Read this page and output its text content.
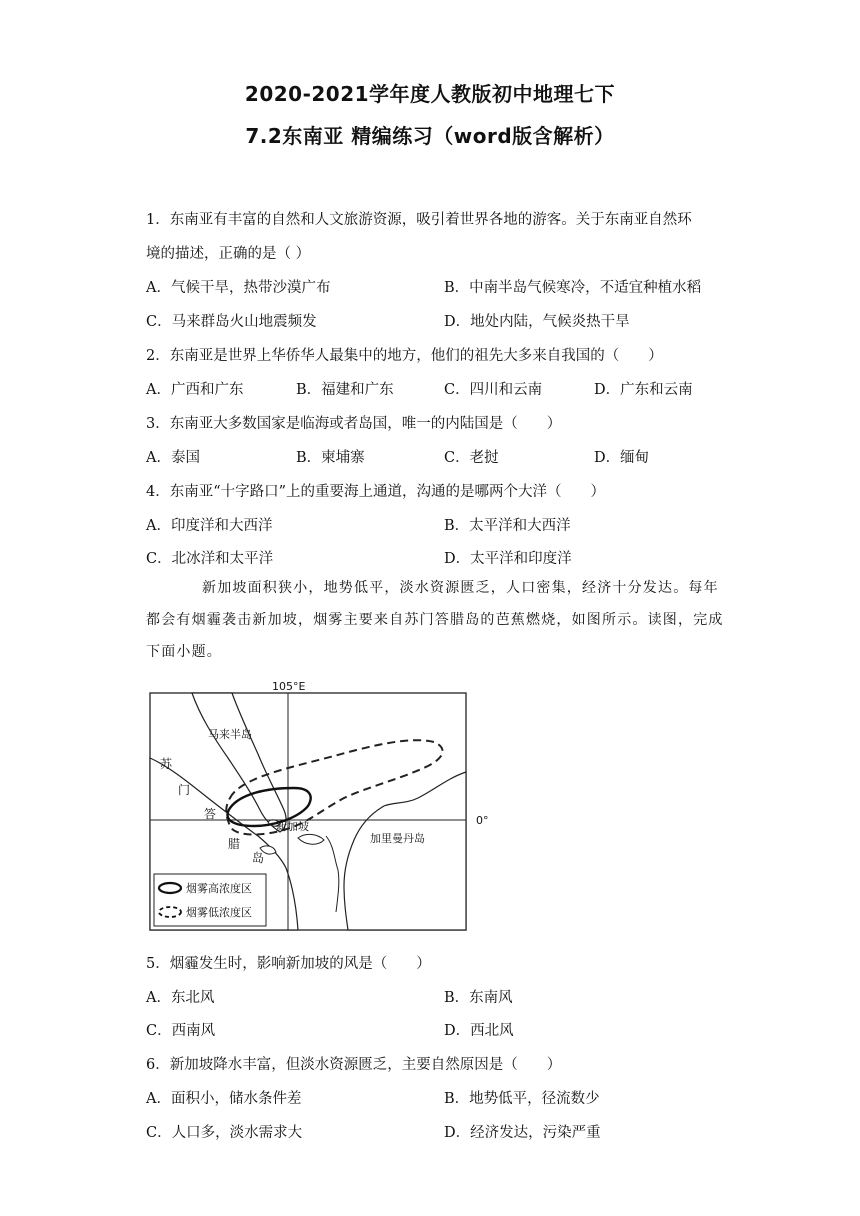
2020-2021学年度人教版初中地理七下
7.2东南亚 精编练习（word版含解析）
1．东南亚有丰富的自然和人文旅游资源，吸引着世界各地的游客。关于东南亚自然环
境的描述，正确的是（ ）
A．气候干旱，热带沙漠广布	B．中南半岛气候寒冷，不适宜种植水稻
C．马来群岛火山地震频发	D．地处内陆，气候炎热干旱
2．东南亚是世界上华侨华人最集中的地方，他们的祖先大多来自我国的（　　）
A．广西和广东	B．福建和广东	C．四川和云南	D．广东和云南
3．东南亚大多数国家是临海或者岛国，唯一的内陆国是（　　）
A．泰国	B．柬埔寨	C．老挝	D．缅甸
4．东南亚“十字路口”上的重要海上通道，沟通的是哪两个大洋（　　）
A．印度洋和大西洋	B．太平洋和大西洋
C．北冰洋和太平洋	D．太平洋和印度洋
新加坡面积狭小，地势低平，淡水资源匮乏，人口密集，经济十分发达。每年都会有烟霾袭击新加坡，烟雾主要来自苏门答腊岛的芭蕉燃烧，如图所示。读图，完成下面小题。
105°E
0°
马来半岛
苏
门
答
腊
岛
新加坡
加里曼丹岛
烟雾高浓度区
烟雾低浓度区
5．烟霾发生时，影响新加坡的风是（　　）
A．东北风	B．东南风
C．西南风	D．西北风
6．新加坡降水丰富，但淡水资源匮乏，主要自然原因是（　　）
A．面积小，储水条件差	B．地势低平，径流数少
C．人口多，淡水需求大	D．经济发达，污染严重
